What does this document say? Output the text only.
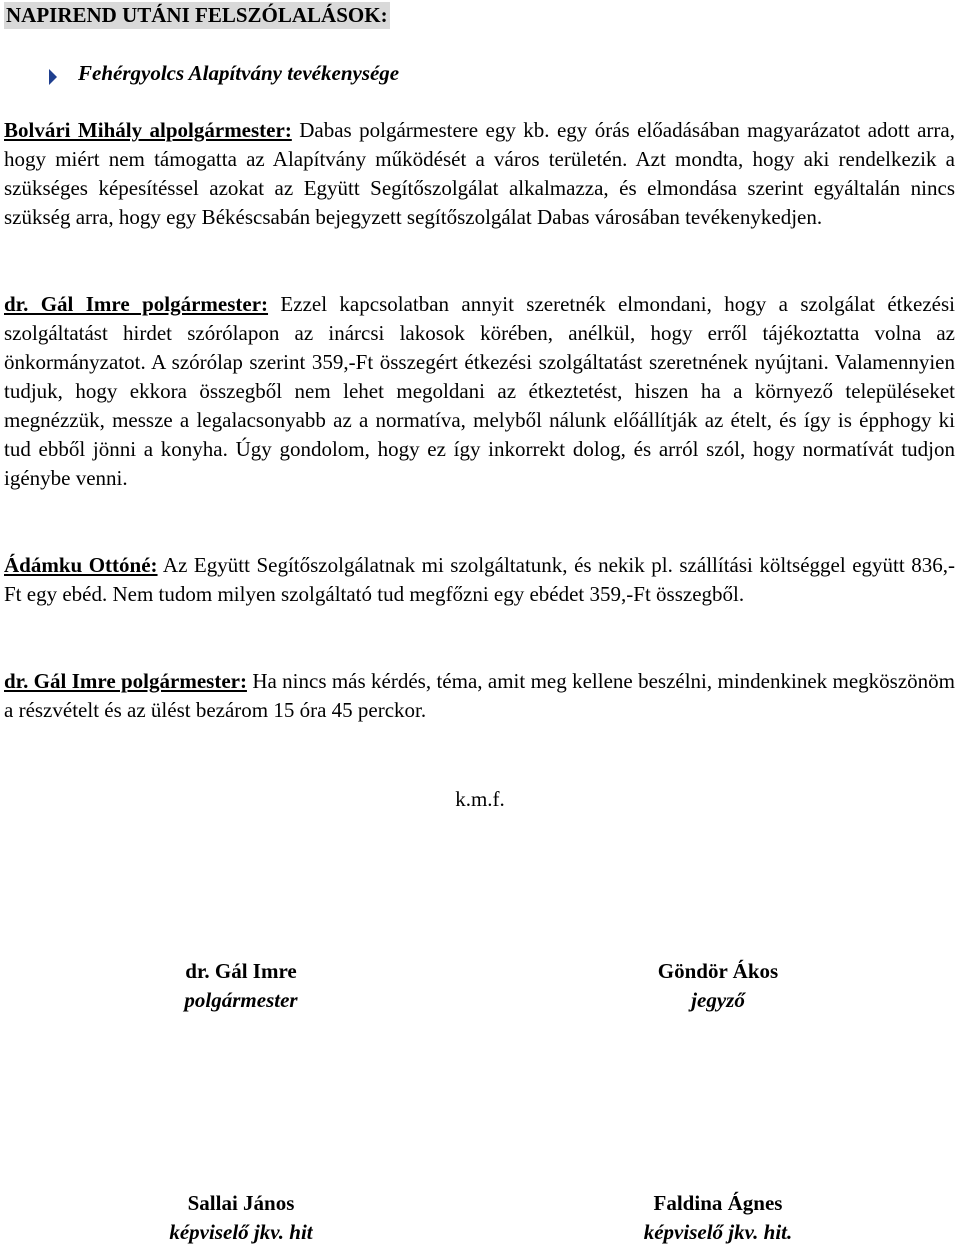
NAPIREND UTÁNI FELSZÓLALÁSOK:
Fehérgyolcs Alapítvány tevékenysége

Bolvári Mihály alpolgármester: Dabas polgármestere egy kb. egy órás előadásában magyarázatot adott arra, hogy miért nem támogatta az Alapítvány működését a város területén. Azt mondta, hogy aki rendelkezik a szükséges képesítéssel azokat az Együtt Segítőszolgálat alkalmazza, és elmondása szerint egyáltalán nincs szükség arra, hogy egy Békéscsabán bejegyzett segítőszolgálat Dabas városában tevékenykedjen.

dr. Gál Imre polgármester: Ezzel kapcsolatban annyit szeretnék elmondani, hogy a szolgálat étkezési szolgáltatást hirdet szórólapon az inárcsi lakosok körében, anélkül, hogy erről tájékoztatta volna az önkormányzatot. A szórólap szerint 359,-Ft összegért étkezési szolgáltatást szeretnének nyújtani. Valamennyien tudjuk, hogy ekkora összegből nem lehet megoldani az étkeztetést, hiszen ha a környező településeket megnézzük, messze a legalacsonyabb az a normatíva, melyből nálunk előállítják az ételt, és így is épphogy ki tud ebből jönni a konyha. Úgy gondolom, hogy ez így inkorrekt dolog, és arról szól, hogy normatívát tudjon igénybe venni.

Ádámku Ottóné: Az Együtt Segítőszolgálatnak mi szolgáltatunk, és nekik pl. szállítási költséggel együtt 836,-Ft egy ebéd. Nem tudom milyen szolgáltató tud megfőzni egy ebédet 359,-Ft összegből.

dr. Gál Imre polgármester: Ha nincs más kérdés, téma, amit meg kellene beszélni, mindenkinek megköszönöm a részvételt és az ülést bezárom 15 óra 45 perckor.

k.m.f.
dr. Gál Imre
polgármester
Göndör Ákos
jegyző
Sallai János
képviselő jkv. hit
Faldina Ágnes
képviselő jkv. hit.
